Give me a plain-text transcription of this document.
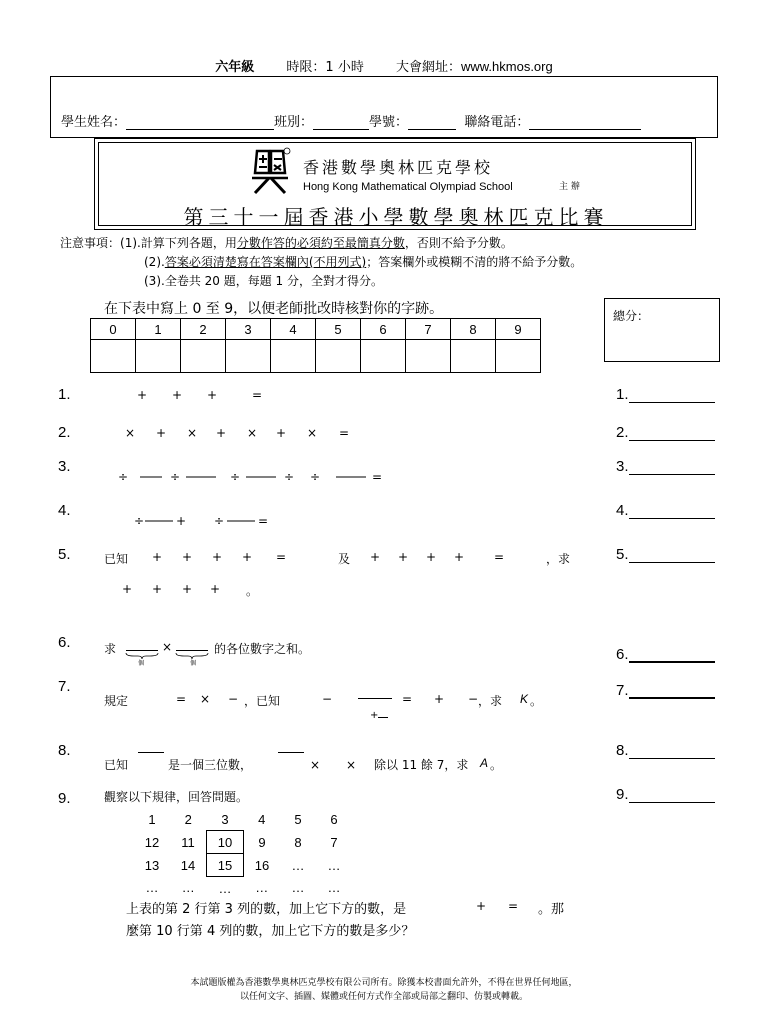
六年級 時限：1 小時 大會網址：www.hkmos.org
學生姓名：	班別：	學號：	聯絡電話：
香港數學奧林匹克學校
Hong Kong Mathematical Olympiad School	主 辦
第三十一屆香港小學數學奧林匹克比賽
注意事項：(1).計算下列各題，用分數作答的必須約至最簡真分數，否則不給予分數。
(2).答案必須清楚寫在答案欄內(不用列式)；答案欄外或模糊不清的將不給予分數。
(3).全卷共 20 題，每題 1 分，全對才得分。
在下表中寫上 0 至 9，以便老師批改時核對你的字跡。
0	1	2	3	4	5	6	7	8	9

總分：
1.	+ + +	=	1.
2.	× + × + × + × =	2.
3.
÷	÷	÷	÷ ÷	=
3.
4.
÷	+ ÷	=
4.
5.	已知 + + + + =	及 + + + + =	，求
+ + + + 。
5.
6.	求	×	的各位數字之和。
個	個
6.
7.
規定	= × − ，已知	−	= + − ，求 K 。
+
7.
8.
已知	是一個三位數，	× × 除以 11 餘 7，求 A 。
8.
9.	觀察以下規律，回答問題。
1	2	3	4	5	6
12	11	10	9	8	7
13	14	15	16	…	…
…	…	…	…	…	…
上表的第 2 行第 3 列的數，加上它下方的數，是	+ = 。那
麼第 10 行第 4 列的數，加上它下方的數是多少？
9.
本試題版權為香港數學奧林匹克學校有限公司所有。除獲本校書面允許外，不得在世界任何地區，
以任何文字、插圖、媒體或任何方式作全部或局部之翻印、仿製或轉載。
